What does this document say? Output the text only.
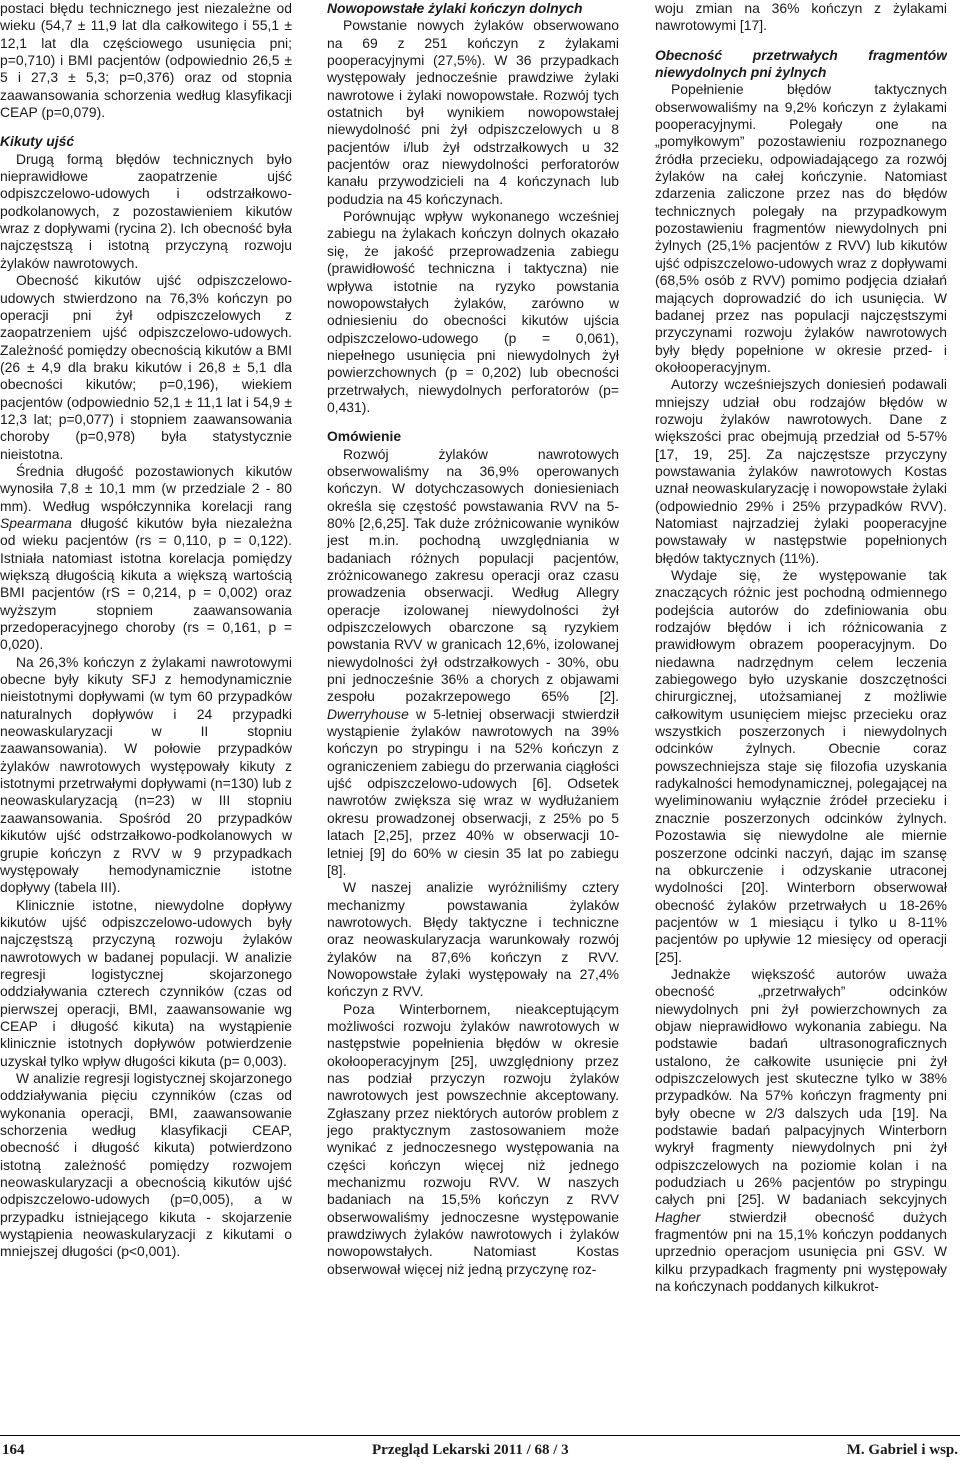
postaci błędu technicznego jest niezależne od wieku (54,7 ± 11,9 lat dla całkowitego i 55,1 ± 12,1 lat dla częściowego usunięcia pni; p=0,710) i BMI pacjentów (odpowiednio 26,5 ± 5 i 27,3 ± 5,3; p=0,376) oraz od stopnia zaawansowania schorzenia według klasyfikacji CEAP (p=0,079).

Kikuty ujść

Drugą formą błędów technicznych było nieprawidłowe zaopatrzenie ujść odpiszczelowo-udowych i odstrzałkowo-podkolanowych, z pozostawieniem kikutów wraz z dopływami (rycina 2). Ich obecność była najczęstszą i istotną przyczyną rozwoju żylaków nawrotowych.

Obecność kikutów ujść odpiszczelowo-udowych stwierdzono na 76,3% kończyn po operacji pni żył odpiszczelowych z zaopatrzeniem ujść odpiszczelowo-udowych. Zależność pomiędzy obecnością kikutów a BMI (26 ± 4,9 dla braku kikutów i 26,8 ± 5,1 dla obecności kikutów; p=0,196), wiekiem pacjentów (odpowiednio 52,1 ± 11,1 lat i 54,9 ± 12,3 lat; p=0,077) i stopniem zaawansowania choroby (p=0,978) była statystycznie nieistotna.

Średnia długość pozostawionych kikutów wynosiła 7,8 ± 10,1 mm (w przedziale 2 - 80 mm). Według współczynnika korelacji rang Spearmana długość kikutów była niezależna od wieku pacjentów (rs = 0,110, p = 0,122). Istniała natomiast istotna korelacja pomiędzy większą długością kikuta a większą wartością BMI pacjentów (rS = 0,214, p = 0,002) oraz wyższym stopniem zaawansowania przedoperacyjnego choroby (rs = 0,161, p = 0,020).

Na 26,3% kończyn z żylakami nawrotowymi obecne były kikuty SFJ z hemodynamicznie nieistotnymi dopływami (w tym 60 przypadków naturalnych dopływów i 24 przypadki neowaskularyzacji w II stopniu zaawansowania). W połowie przypadków żylaków nawrotowych występowały kikuty z istotnymi przetrwałymi dopływami (n=130) lub z neowaskularyzacją (n=23) w III stopniu zaawansowania. Spośród 20 przypadków kikutów ujść odstrzałkowo-podkolanowych w grupie kończyn z RVV w 9 przypadkach występowały hemodynamicznie istotne dopływy (tabela III).

Klinicznie istotne, niewydolne dopływy kikutów ujść odpiszczelowo-udowych były najczęstszą przyczyną rozwoju żylaków nawrotowych w badanej populacji. W analizie regresji logistycznej skojarzonego oddziaływania czterech czynników (czas od pierwszej operacji, BMI, zaawansowanie wg CEAP i długość kikuta) na wystąpienie klinicznie istotnych dopływów potwierdzenie uzyskał tylko wpływ długości kikuta (p= 0,003).

W analizie regresji logistycznej skojarzonego oddziaływania pięciu czynników (czas od wykonania operacji, BMI, zaawansowanie schorzenia według klasyfikacji CEAP, obecność i długość kikuta) potwierdzono istotną zależność pomiędzy rozwojem neowaskularyzacji a obecnością kikutów ujść odpiszczelowo-udowych (p=0,005), a w przypadku istniejącego kikuta - skojarzenie wystąpienia neowaskularyzacji z kikutami o mniejszej długości (p<0,001).

Nowopowstałe żylaki kończyn dolnych

Powstanie nowych żylaków obserwowano na 69 z 251 kończyn z żylakami pooperacyjnymi (27,5%). W 36 przypadkach występowały jednocześnie prawdziwe żylaki nawrotowe i żylaki nowopowstałe. Rozwój tych ostatnich był wynikiem nowopowstałej niewydolność pni żył odpiszczelowych u 8 pacjentów i/lub żył odstrzałkowych u 32 pacjentów oraz niewydolności perforatorów kanału przywodzicieli na 4 kończynach lub podudzia na 45 kończynach.

Porównując wpływ wykonanego wcześniej zabiegu na żylakach kończyn dolnych okazało się, że jakość przeprowadzenia zabiegu (prawidłowość techniczna i taktyczna) nie wpływa istotnie na ryzyko powstania nowopowstałych żylaków, zarówno w odniesieniu do obecności kikutów ujścia odpiszczelowo-udowego (p = 0,061), niepełnego usunięcia pni niewydolnych żył powierzchownych (p = 0,202) lub obecności przetrwałych, niewydolnych perforatorów (p= 0,431).

Omówienie

Rozwój żylaków nawrotowych obserwowaliśmy na 36,9% operowanych kończyn. W dotychczasowych doniesieniach określa się częstość powstawania RVV na 5-80% [2,6,25]. Tak duże zróżnicowanie wyników jest m.in. pochodną uwzględniania w badaniach różnych populacji pacjentów, zróżnicowanego zakresu operacji oraz czasu prowadzenia obserwacji. Według Allegry operacje izolowanej niewydolności żył odpiszczelowych obarczone są ryzykiem powstania RVV w granicach 12,6%, izolowanej niewydolności żył odstrzałkowych - 30%, obu pni jednocześnie 36% a chorych z objawami zespołu pozakrzepowego 65% [2]. Dwerryhouse w 5-letniej obserwacji stwierdził wystąpienie żylaków nawrotowych na 39% kończyn po strypingu i na 52% kończyn z ograniczeniem zabiegu do przerwania ciągłości ujść odpiszczelowo-udowych [6]. Odsetek nawrotów zwiększa się wraz w wydłużaniem okresu prowadzonej obserwacji, z 25% po 5 latach [2,25], przez 40% w obserwacji 10-letniej [9] do 60% w ciesin 35 lat po zabiegu [8].

W naszej analizie wyróżniliśmy cztery mechanizmy powstawania żylaków nawrotowych. Błędy taktyczne i techniczne oraz neowaskularyzacja warunkowały rozwój żylaków na 87,6% kończyn z RVV. Nowopowstałe żylaki występowały na 27,4% kończyn z RVV.

Poza Winterbornem, nieakceptującym możliwości rozwoju żylaków nawrotowych w następstwie popełnienia błędów w okresie okołooperacyjnym [25], uwzględniony przez nas podział przyczyn rozwoju żylaków nawrotowych jest powszechnie akceptowany. Zgłaszany przez niektórych autorów problem z jego praktycznym zastosowaniem może wynikać z jednoczesnego występowania na części kończyn więcej niż jednego mechanizmu rozwoju RVV. W naszych badaniach na 15,5% kończyn z RVV obserwowaliśmy jednoczesne występowanie prawdziwych żylaków nawrotowych i żylaków nowopowstałych. Natomiast Kostas obserwował więcej niż jedną przyczynę roz-

woju zmian na 36% kończyn z żylakami nawrotowymi [17].

Obecność przetrwałych fragmentów niewydolnych pni żylnych

Popełnienie błędów taktycznych obserwowaliśmy na 9,2% kończyn z żylakami pooperacyjnymi. Polegały one na „pomyłkowym” pozostawieniu rozpoznanego źródła przecieku, odpowiadającego za rozwój żylaków na całej kończynie. Natomiast zdarzenia zaliczone przez nas do błędów technicznych polegały na przypadkowym pozostawieniu fragmentów niewydolnych pni żylnych (25,1% pacjentów z RVV) lub kikutów ujść odpiszczelowo-udowych wraz z dopływami (68,5% osób z RVV) pomimo podjęcia działań mających doprowadzić do ich usunięcia. W badanej przez nas populacji najczęstszymi przyczynami rozwoju żylaków nawrotowych były błędy popełnione w okresie przed- i okołooperacyjnym.

Autorzy wcześniejszych doniesień podawali mniejszy udział obu rodzajów błędów w rozwoju żylaków nawrotowych. Dane z większości prac obejmują przedział od 5-57% [17, 19, 25]. Za najczęstsze przyczyny powstawania żylaków nawrotowych Kostas uznał neowaskularyzację i nowopowstałe żylaki (odpowiednio 29% i 25% przypadków RVV). Natomiast najrzadziej żylaki pooperacyjne powstawały w następstwie popełnionych błędów taktycznych (11%).

Wydaje się, że występowanie tak znaczących różnic jest pochodną odmiennego podejścia autorów do zdefiniowania obu rodzajów błędów i ich różnicowania z prawidłowym obrazem pooperacyjnym. Do niedawna nadrzędnym celem leczenia zabiegowego było uzyskanie doszczętności chirurgicznej, utożsamianej z możliwie całkowitym usunięciem miejsc przecieku oraz wszystkich poszerzonych i niewydolnych odcinków żylnych. Obecnie coraz powszechniejsza staje się filozofia uzyskania radykalności hemodynamicznej, polegającej na wyeliminowaniu wyłącznie źródeł przecieku i znacznie poszerzonych odcinków żylnych. Pozostawia się niewydolne ale miernie poszerzone odcinki naczyń, dając im szansę na obkurczenie i odzyskanie utraconej wydolności [20]. Winterborn obserwował obecność żylaków przetrwałych u 18-26% pacjentów w 1 miesiącu i tylko u 8-11% pacjentów po upływie 12 miesięcy od operacji [25].

Jednakże większość autorów uważa obecność „przetrwałych” odcinków niewydolnych pni żył powierzchownych za objaw nieprawidłowo wykonania zabiegu. Na podstawie badań ultrasonograficznych ustalono, że całkowite usunięcie pni żył odpiszczelowych jest skuteczne tylko w 38% przypadków. Na 57% kończyn fragmenty pni były obecne w 2/3 dalszych uda [19]. Na podstawie badań palpacyjnych Winterborn wykrył fragmenty niewydolnych pni żył odpiszczelowych na poziomie kolan i na podudziach u 26% pacjentów po strypingu całych pni [25]. W badaniach sekcyjnych Hagher stwierdził obecność dużych fragmentów pni na 15,1% kończyn poddanych uprzednio operacjom usunięcia pni GSV. W kilku przypadkach fragmenty pni występowały na kończynach poddanych kilkukrot-

164	Przegląd Lekarski 2011 / 68 / 3	M. Gabriel i wsp.
